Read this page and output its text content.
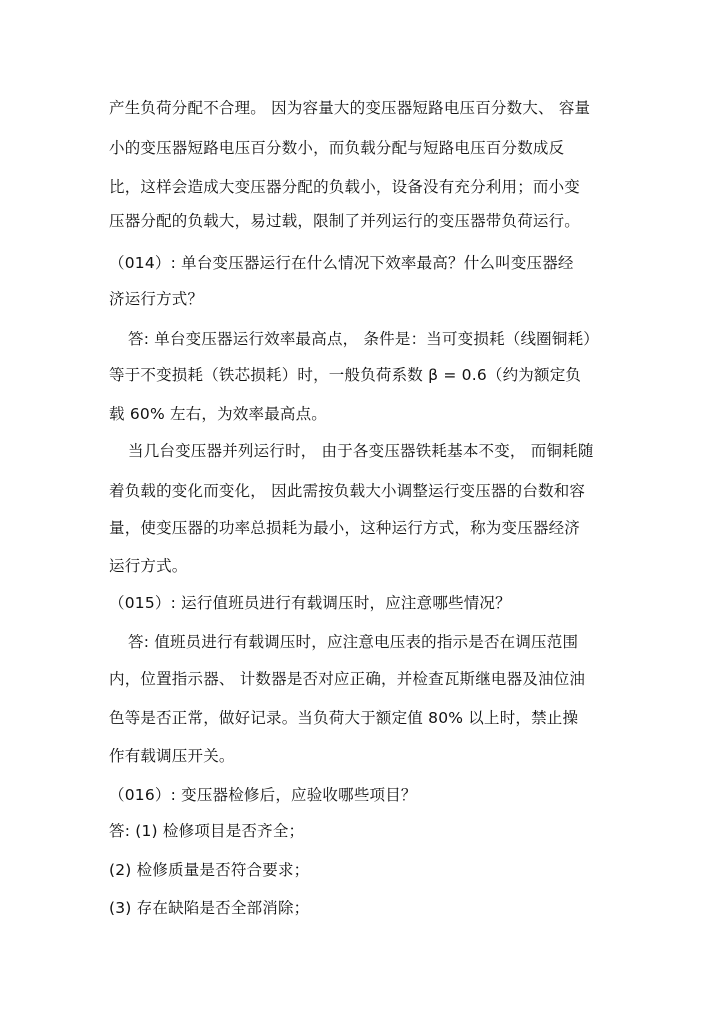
产生负荷分配不合理。 因为容量大的变压器短路电压百分数大、 容量
小的变压器短路电压百分数小，而负载分配与短路电压百分数成反
比，这样会造成大变压器分配的负载小，设备没有充分利用；而小变
压器分配的负载大，易过载，限制了并列运行的变压器带负荷运行。
（014）: 单台变压器运行在什么情况下效率最高？什么叫变压器经
济运行方式？
答: 单台变压器运行效率最高点， 条件是：当可变损耗（线圈铜耗）
等于不变损耗（铁芯损耗）时，一般负荷系数 β = 0.6（约为额定负
载 60% 左右，为效率最高点。
当几台变压器并列运行时， 由于各变压器铁耗基本不变， 而铜耗随
着负载的变化而变化， 因此需按负载大小调整运行变压器的台数和容
量，使变压器的功率总损耗为最小，这种运行方式，称为变压器经济
运行方式。
（015）: 运行值班员进行有载调压时，应注意哪些情况？
答: 值班员进行有载调压时，应注意电压表的指示是否在调压范围
内，位置指示器、 计数器是否对应正确，并检查瓦斯继电器及油位油
色等是否正常，做好记录。当负荷大于额定值 80% 以上时，禁止操
作有载调压开关。
（016）: 变压器检修后，应验收哪些项目？
答: (1) 检修项目是否齐全；
(2) 检修质量是否符合要求；
(3) 存在缺陷是否全部消除；
